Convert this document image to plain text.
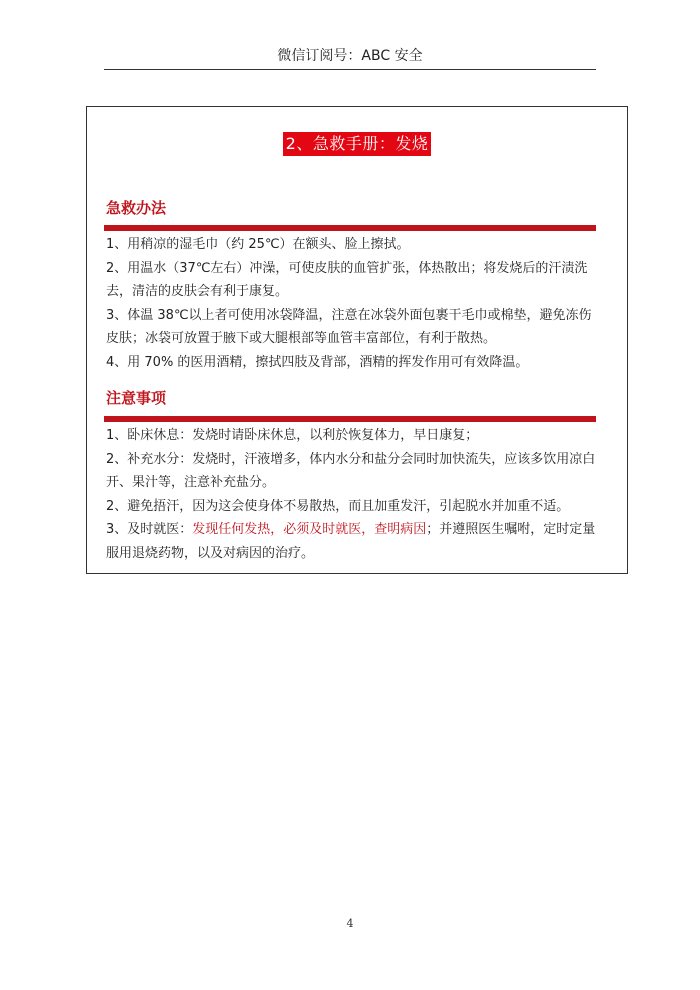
微信订阅号：ABC 安全
2、急救手册：发烧
急救办法

1、用稍凉的湿毛巾（约 25℃）在额头、脸上擦拭。

2、用温水（37℃左右）冲澡，可使皮肤的血管扩张，体热散出；将发烧后的汗渍洗去，清洁的皮肤会有利于康复。

3、体温 38℃以上者可使用冰袋降温，注意在冰袋外面包裹干毛巾或棉垫，避免冻伤皮肤；冰袋可放置于腋下或大腿根部等血管丰富部位，有利于散热。

4、用 70% 的医用酒精，擦拭四肢及背部，酒精的挥发作用可有效降温。

注意事项

1、卧床休息：发烧时请卧床休息，以利於恢复体力，早日康复；

2、补充水分：发烧时，汗液增多，体内水分和盐分会同时加快流失，应该多饮用凉白开、果汁等，注意补充盐分。

2、避免捂汗，因为这会使身体不易散热，而且加重发汗，引起脱水并加重不适。

3、及时就医：发现任何发热，必须及时就医，查明病因；并遵照医生嘱咐，定时定量服用退烧药物，以及对病因的治疗。

4
